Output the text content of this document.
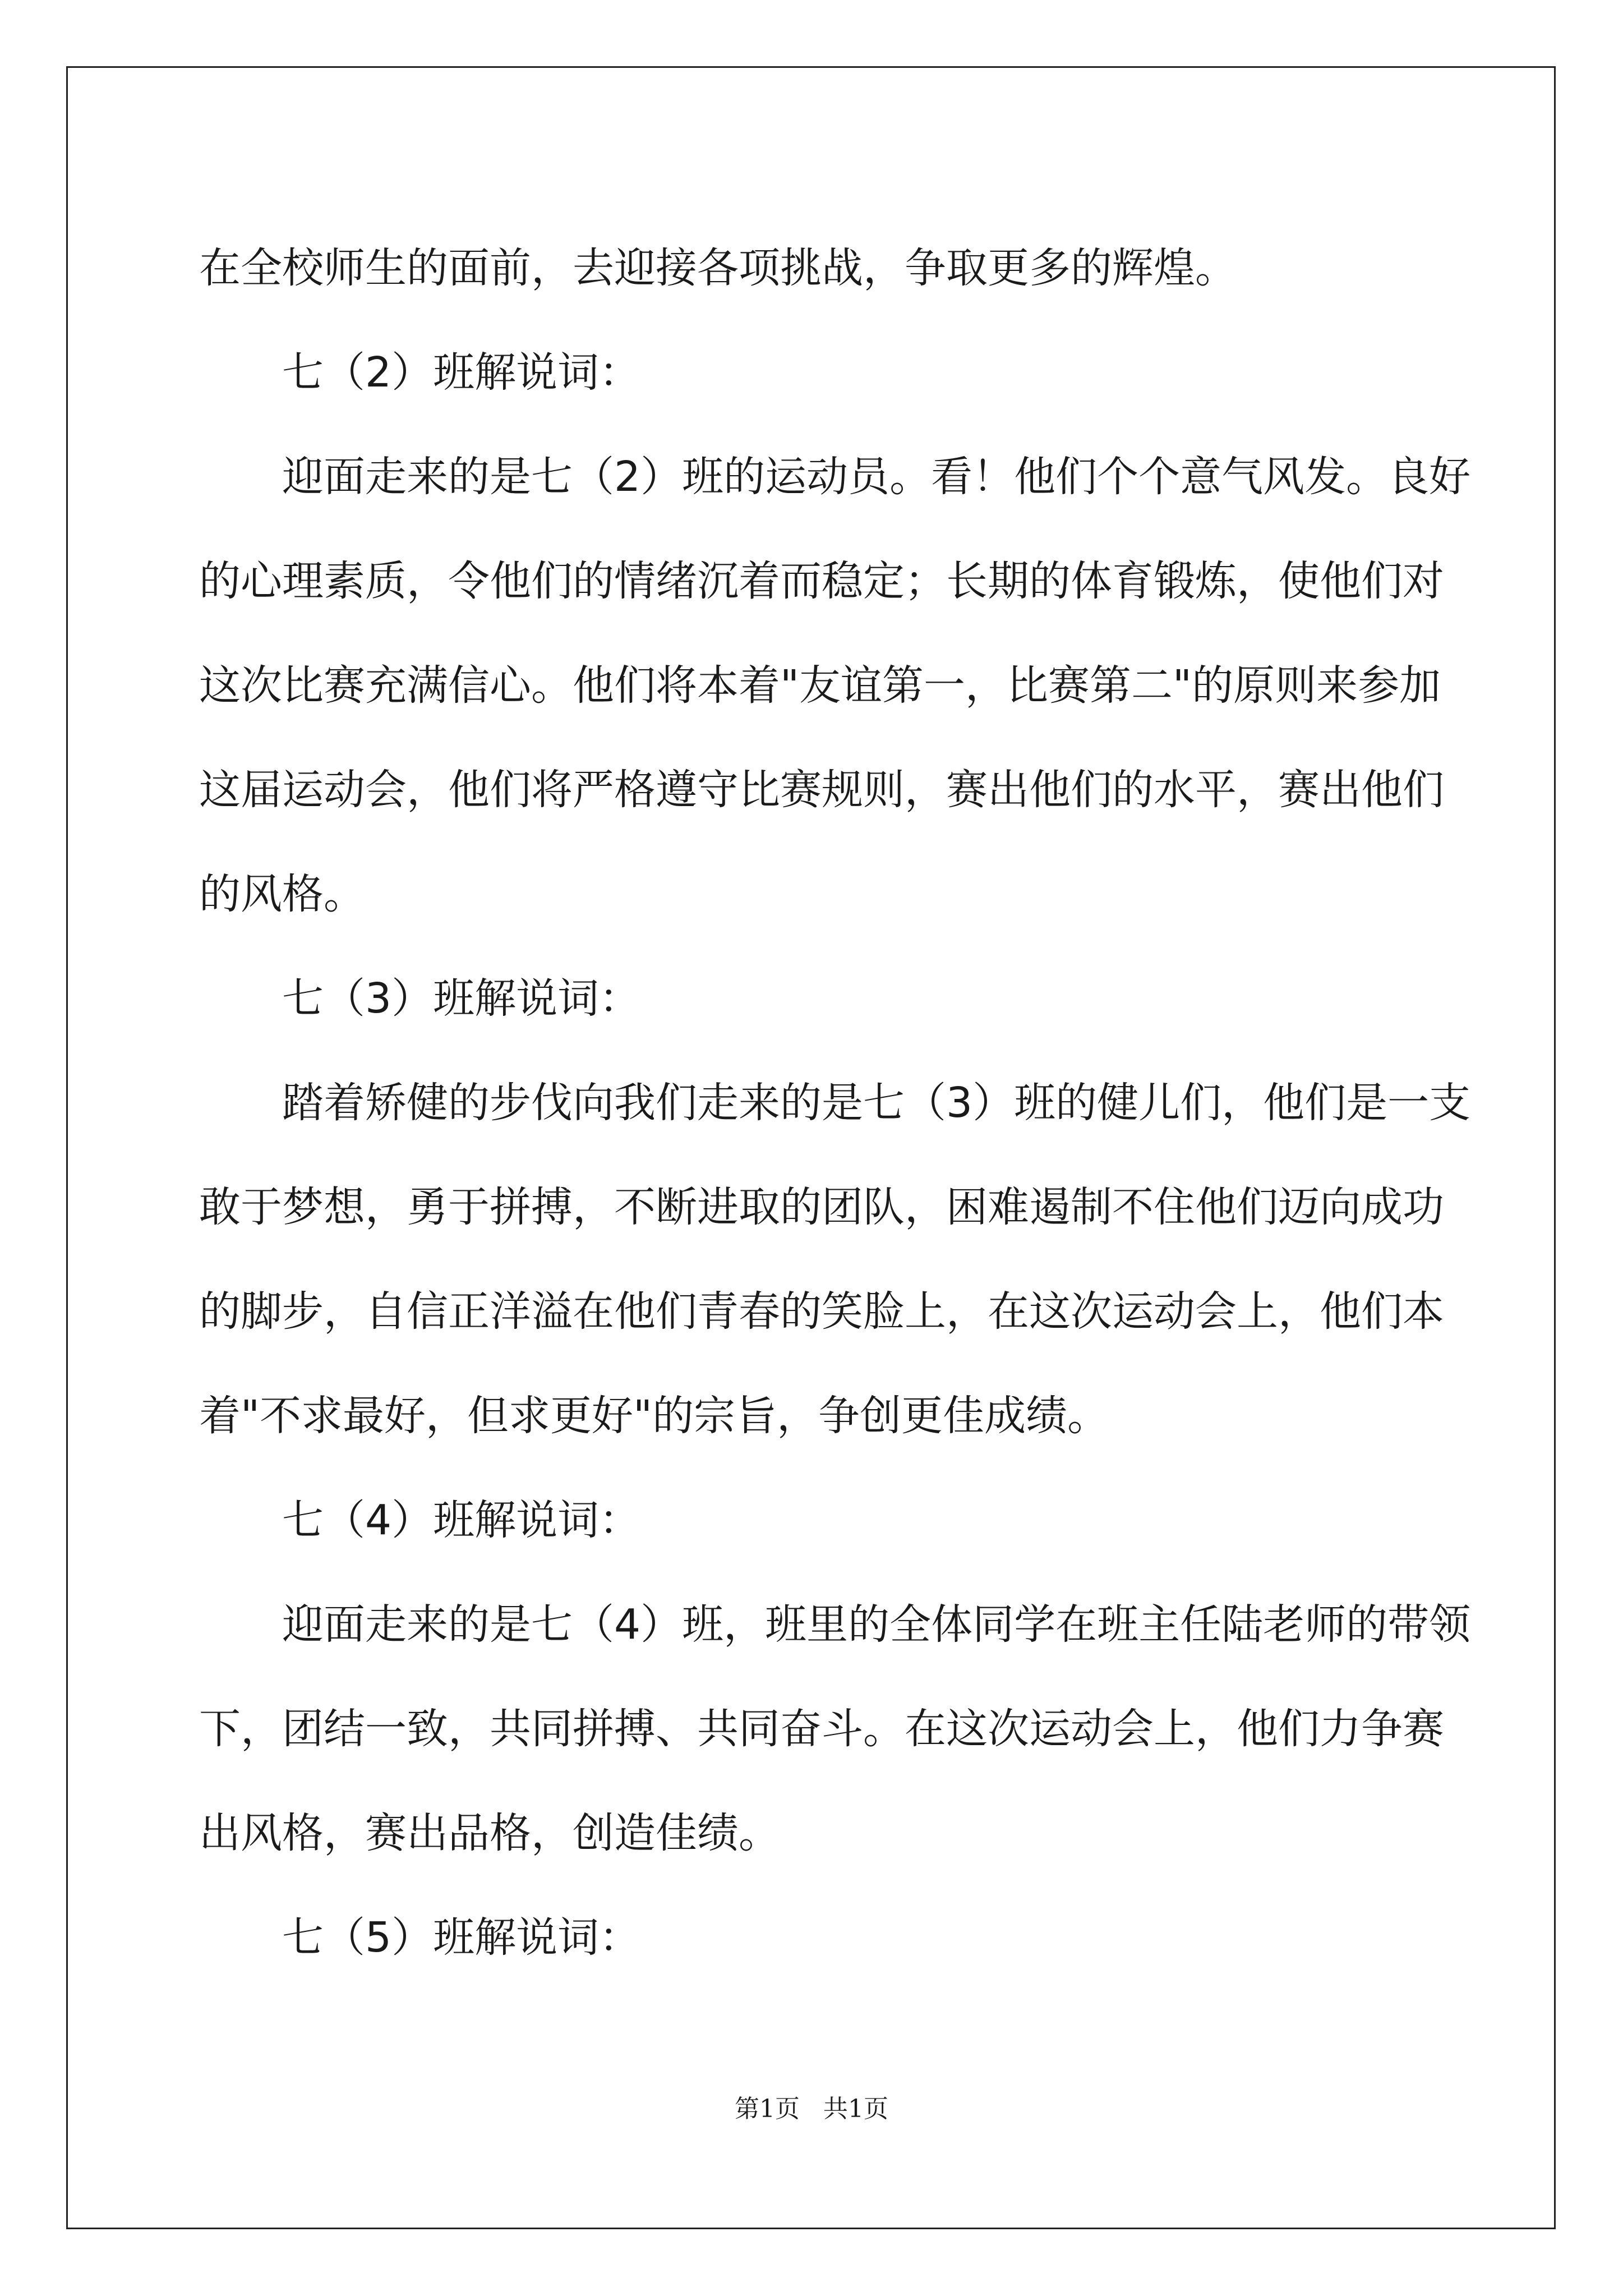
在全校师生的面前，去迎接各项挑战，争取更多的辉煌。
七（2）班解说词：
迎面走来的是七（2）班的运动员。看！他们个个意气风发。良好
的心理素质，令他们的情绪沉着而稳定；长期的体育锻炼，使他们对
这次比赛充满信心。他们将本着"友谊第一，比赛第二"的原则来参加
这届运动会，他们将严格遵守比赛规则，赛出他们的水平，赛出他们
的风格。
七（3）班解说词：
踏着矫健的步伐向我们走来的是七（3）班的健儿们，他们是一支
敢于梦想，勇于拼搏，不断进取的团队，困难遏制不住他们迈向成功
的脚步，自信正洋溢在他们青春的笑脸上，在这次运动会上，他们本
着"不求最好，但求更好"的宗旨，争创更佳成绩。
七（4）班解说词：
迎面走来的是七（4）班，班里的全体同学在班主任陆老师的带领
下，团结一致，共同拼搏、共同奋斗。在这次运动会上，他们力争赛
出风格，赛出品格，创造佳绩。
七（5）班解说词：
第1页   共1页
